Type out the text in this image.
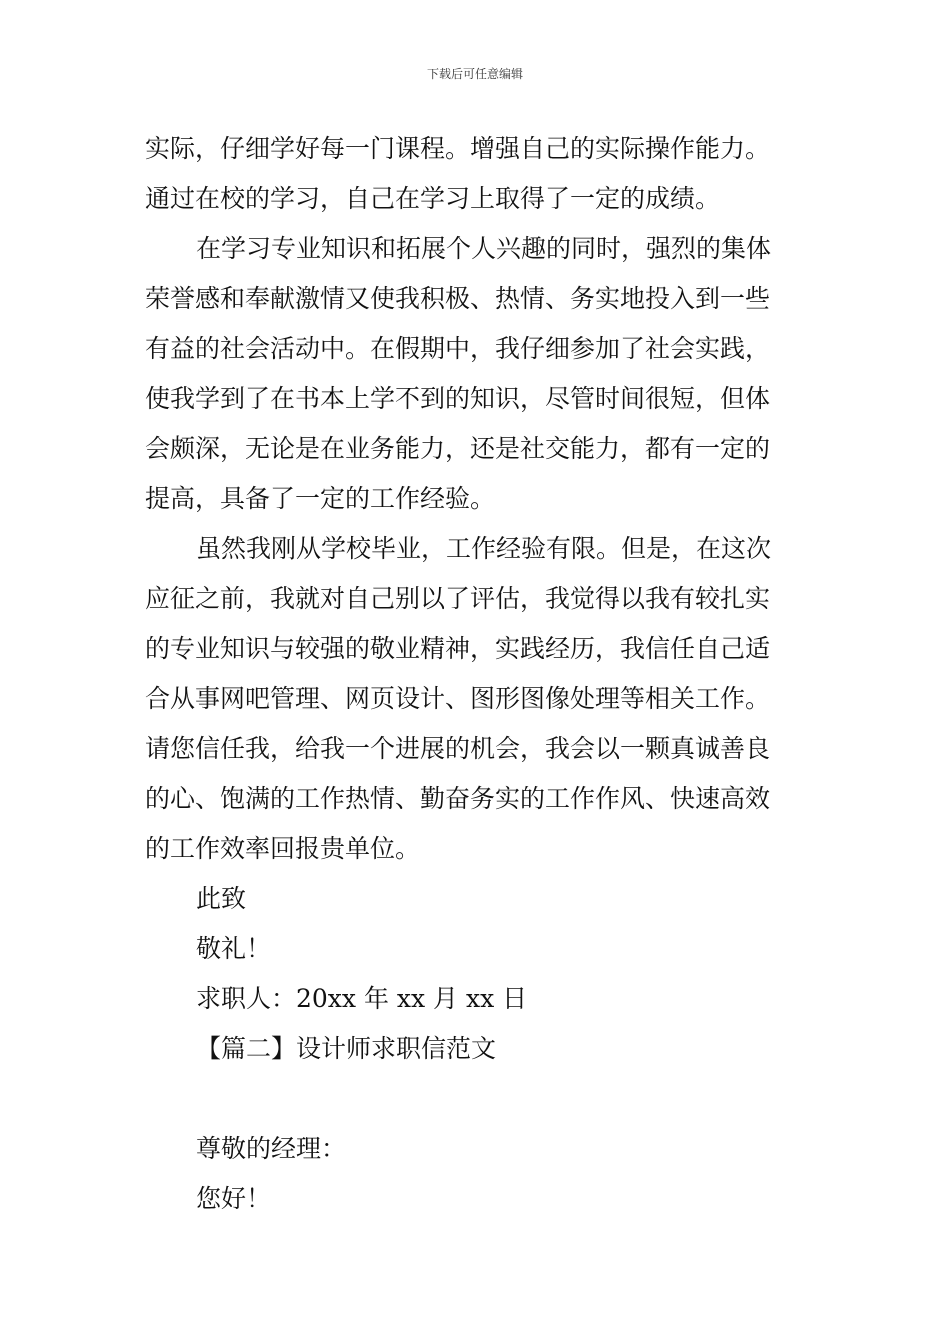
下载后可任意编辑
实际，仔细学好每一门课程。增强自己的实际操作能力。
通过在校的学习，自己在学习上取得了一定的成绩。
在学习专业知识和拓展个人兴趣的同时，强烈的集体
荣誉感和奉献激情又使我积极、热情、务实地投入到一些
有益的社会活动中。在假期中，我仔细参加了社会实践，
使我学到了在书本上学不到的知识，尽管时间很短，但体
会颇深，无论是在业务能力，还是社交能力，都有一定的
提高，具备了一定的工作经验。
虽然我刚从学校毕业，工作经验有限。但是，在这次
应征之前，我就对自己别以了评估，我觉得以我有较扎实
的专业知识与较强的敬业精神，实践经历，我信任自己适
合从事网吧管理、网页设计、图形图像处理等相关工作。
请您信任我，给我一个进展的机会，我会以一颗真诚善良
的心、饱满的工作热情、勤奋务实的工作作风、快速高效
的工作效率回报贵单位。
此致
敬礼！
求职人：20xx 年 xx 月 xx 日
【篇二】设计师求职信范文
尊敬的经理：
您好！
